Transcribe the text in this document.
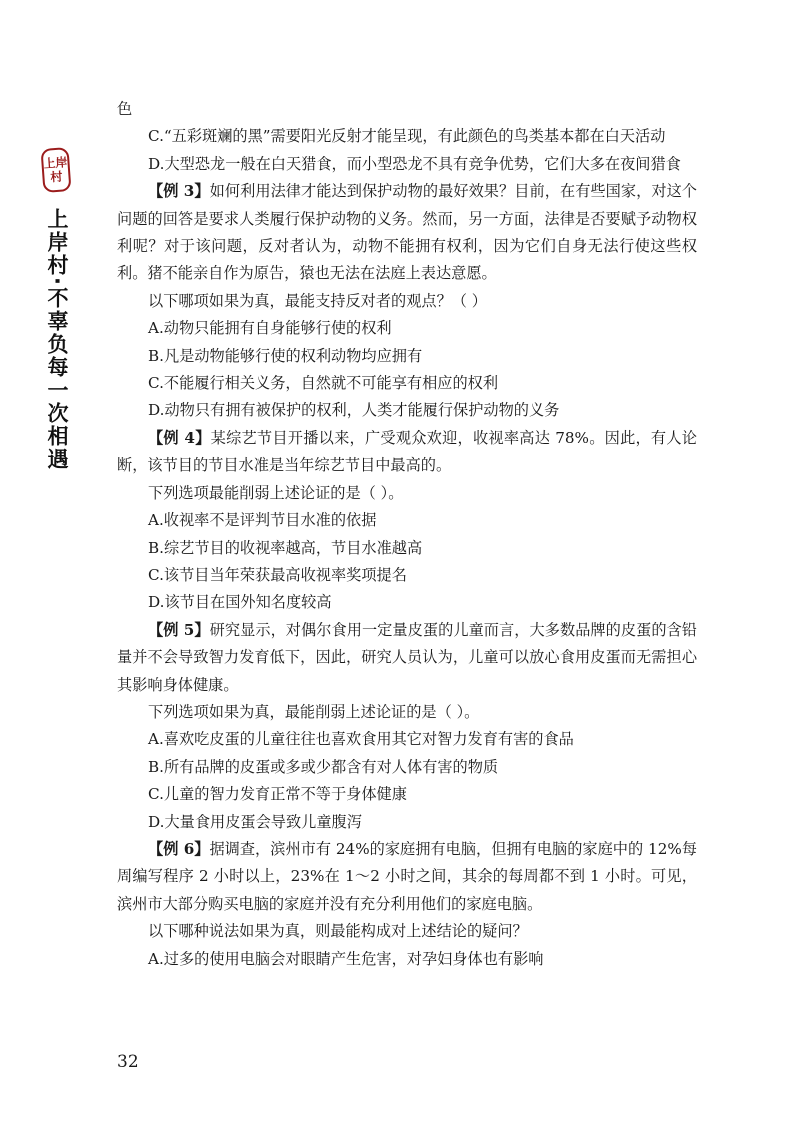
上岸
村
上岸村·不辜负每一次相遇

色

C.“五彩斑斓的黑”需要阳光反射才能呈现，有此颜色的鸟类基本都在白天活动

D.大型恐龙一般在白天猎食，而小型恐龙不具有竞争优势，它们大多在夜间猎食

【例 3】如何利用法律才能达到保护动物的最好效果？目前，在有些国家，对这个问题的回答是要求人类履行保护动物的义务。然而，另一方面，法律是否要赋予动物权利呢？对于该问题，反对者认为，动物不能拥有权利，因为它们自身无法行使这些权利。猪不能亲自作为原告，猿也无法在法庭上表达意愿。

以下哪项如果为真，最能支持反对者的观点？（ ）

A.动物只能拥有自身能够行使的权利

B.凡是动物能够行使的权利动物均应拥有

C.不能履行相关义务，自然就不可能享有相应的权利

D.动物只有拥有被保护的权利，人类才能履行保护动物的义务

【例 4】某综艺节目开播以来，广受观众欢迎，收视率高达 78%。因此，有人论断，该节目的节目水准是当年综艺节目中最高的。

下列选项最能削弱上述论证的是（ ）。

A.收视率不是评判节目水准的依据

B.综艺节目的收视率越高，节目水准越高

C.该节目当年荣获最高收视率奖项提名

D.该节目在国外知名度较高

【例 5】研究显示，对偶尔食用一定量皮蛋的儿童而言，大多数品牌的皮蛋的含铅量并不会导致智力发育低下，因此，研究人员认为，儿童可以放心食用皮蛋而无需担心其影响身体健康。

下列选项如果为真，最能削弱上述论证的是（ ）。

A.喜欢吃皮蛋的儿童往往也喜欢食用其它对智力发育有害的食品

B.所有品牌的皮蛋或多或少都含有对人体有害的物质

C.儿童的智力发育正常不等于身体健康

D.大量食用皮蛋会导致儿童腹泻

【例 6】据调查，滨州市有 24%的家庭拥有电脑，但拥有电脑的家庭中的 12%每周编写程序 2 小时以上，23%在 1～2 小时之间，其余的每周都不到 1 小时。可见，滨州市大部分购买电脑的家庭并没有充分利用他们的家庭电脑。

以下哪种说法如果为真，则最能构成对上述结论的疑问？

A.过多的使用电脑会对眼睛产生危害，对孕妇身体也有影响

32
